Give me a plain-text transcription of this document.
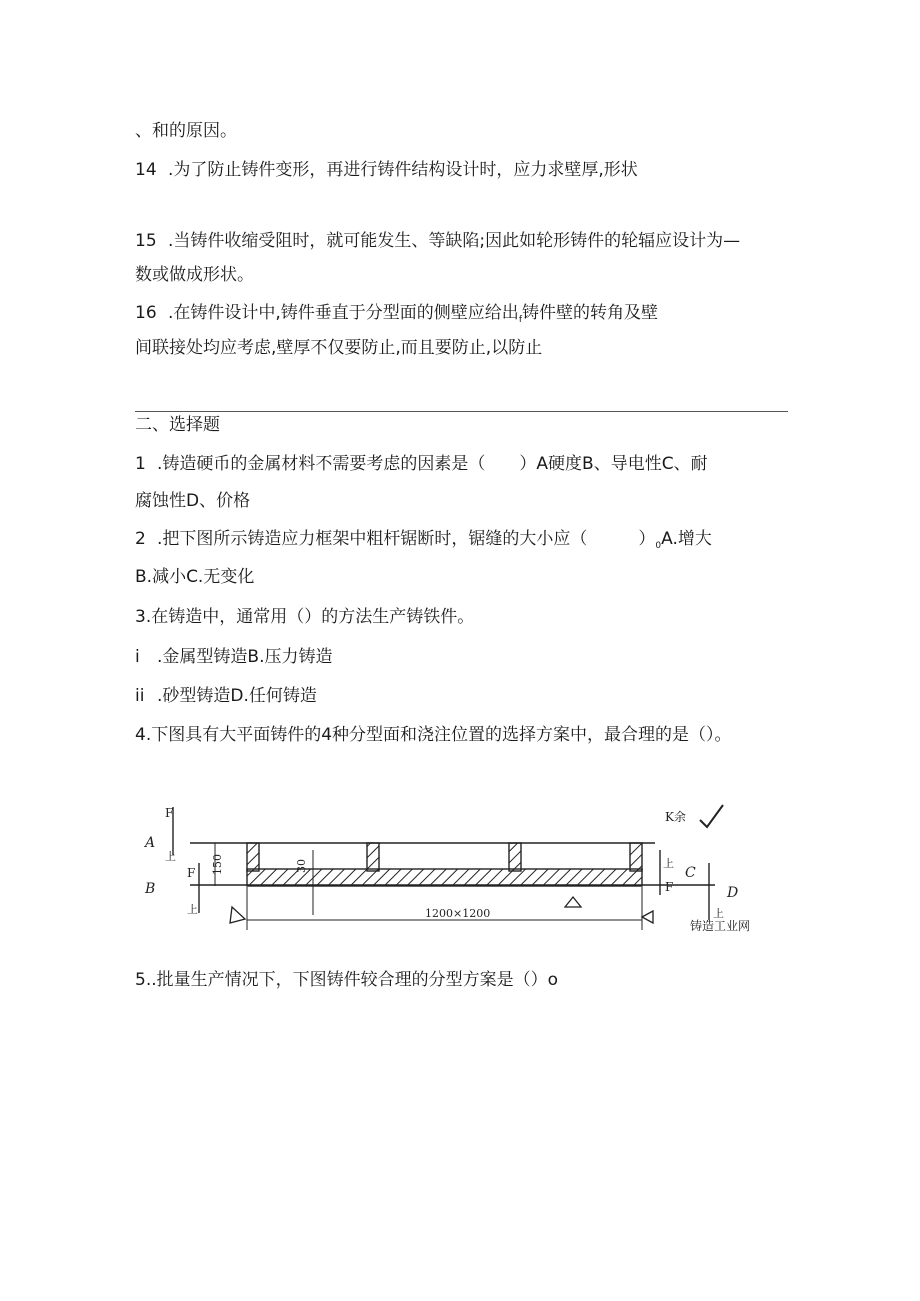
、和的原因。
14 .为了防止铸件变形，再进行铸件结构设计时，应力求壁厚,形状
15 .当铸件收缩受阻时，就可能发生、等缺陷;因此如轮形铸件的轮辐应设计为—
数或做成形状。
16 .在铸件设计中,铸件垂直于分型面的侧壁应给出$_f$铸件壁的转角及壁
间联接处均应考虑,壁厚不仅要防止,而且要防止,以防止
二、选择题
1 .铸造硬币的金属材料不需要考虑的因素是（　　）A硬度B、导电性C、耐
腐蚀性D、价格
2 .把下图所示铸造应力框架中粗杆锯断时，锯缝的大小应（　　　）$_0A$.增大
B.减小C.无变化
3.在铸造中，通常用（）的方法生产铸铁件。
i .金属型铸造B.压力铸造
ii .砂型铸造D.任何铸造
4.下图具有大平面铸件的4种分型面和浇注位置的选择方案中，最合理的是（）。
A
B
C
D
F
F
F
上
上
上
上
150	30
1200×1200
K余
铸造工业网
5..批量生产情况下，下图铸件较合理的分型方案是（）o
